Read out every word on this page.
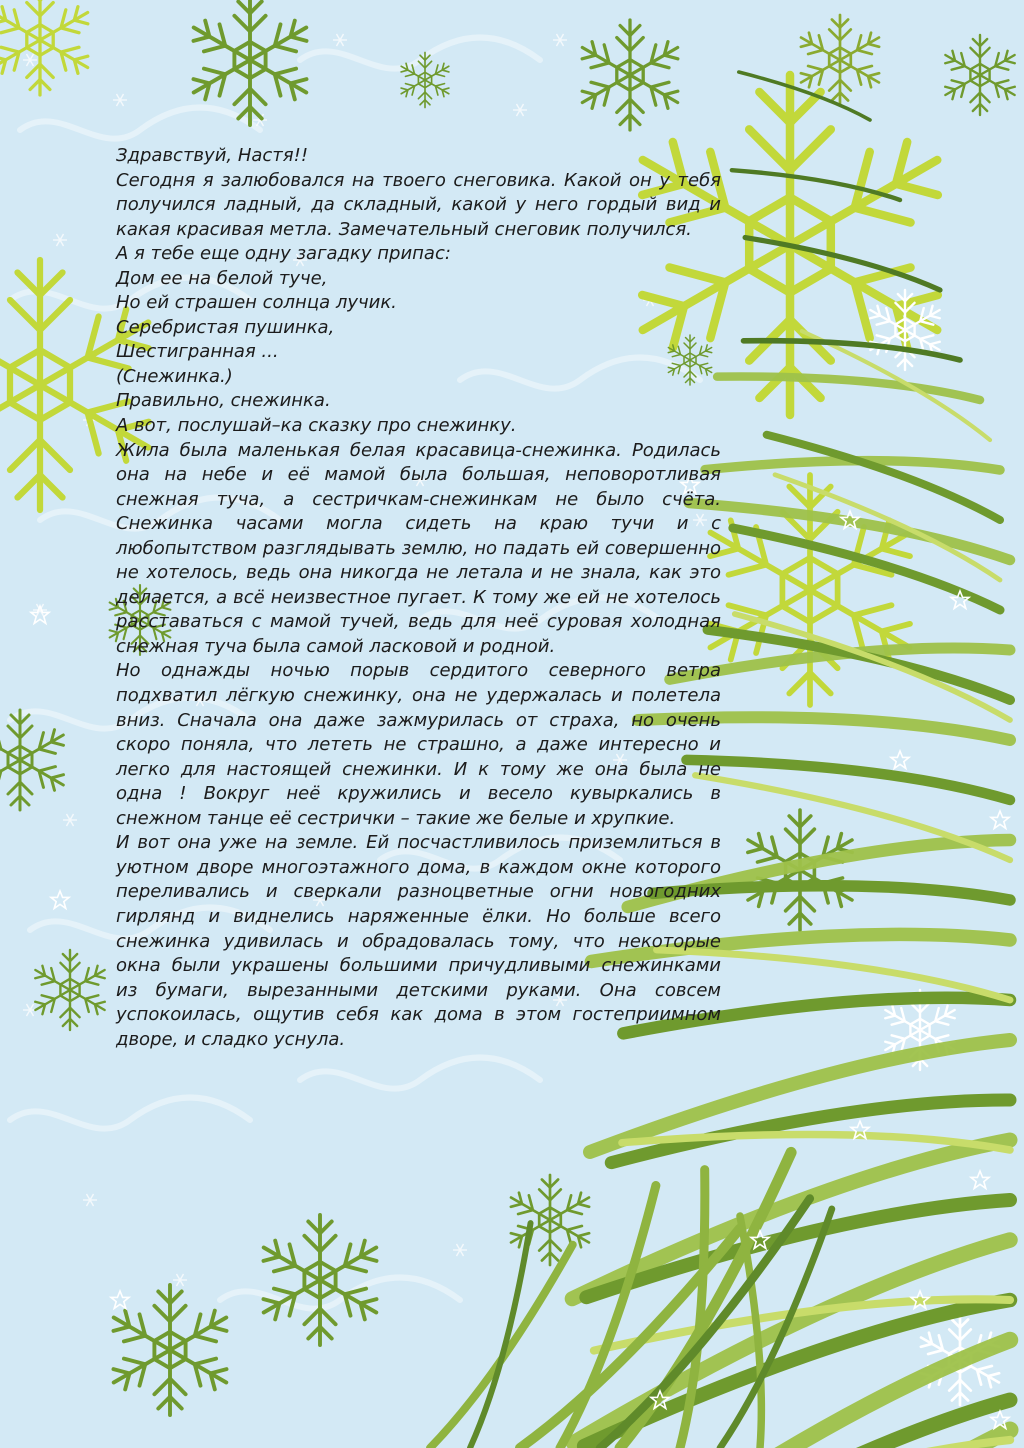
Здравствуй, Настя!!

Сегодня я залюбовался на твоего снеговика. Какой он у тебя получился ладный, да складный, какой у него гордый вид и какая красивая метла. Замечательный снеговик получился.

А я тебе еще одну загадку припас:

Дом ее на белой туче,

Но ей страшен солнца лучик.

Серебристая пушинка,

Шестигранная ...

(Снежинка.)

Правильно, снежинка.

А вот, послушай–ка сказку про снежинку.

Жила была маленькая белая красавица-снежинка. Родилась она на небе и её мамой была большая, неповоротливая снежная туча, а сестричкам-снежинкам не было счёта. Снежинка часами могла сидеть на краю тучи и с любопытством разглядывать землю, но падать ей совершенно не хотелось, ведь она никогда не летала и не знала, как это делается, а всё неизвестное пугает. К тому же ей не хотелось расставаться с мамой тучей, ведь для неё суровая холодная снежная туча была самой ласковой и родной.

Но однажды ночью порыв сердитого северного ветра подхватил лёгкую снежинку, она не удержалась и полетела вниз. Сначала она даже зажмурилась от страха, но очень скоро поняла, что лететь не страшно, а даже интересно и легко для настоящей снежинки. И к тому же она была не одна ! Вокруг неё кружились и весело кувыркались в снежном танце её сестрички – такие же белые и хрупкие.

И вот она уже на земле. Ей посчастливилось приземлиться в уютном дворе многоэтажного дома, в каждом окне которого переливались и сверкали разноцветные огни новогодних гирлянд и виднелись наряженные ёлки. Но больше всего снежинка удивилась и обрадовалась тому, что некоторые окна были украшены большими причудливыми снежинками из бумаги, вырезанными детскими руками. Она совсем успокоилась, ощутив себя как дома в этом гостеприимном дворе, и сладко уснула.
